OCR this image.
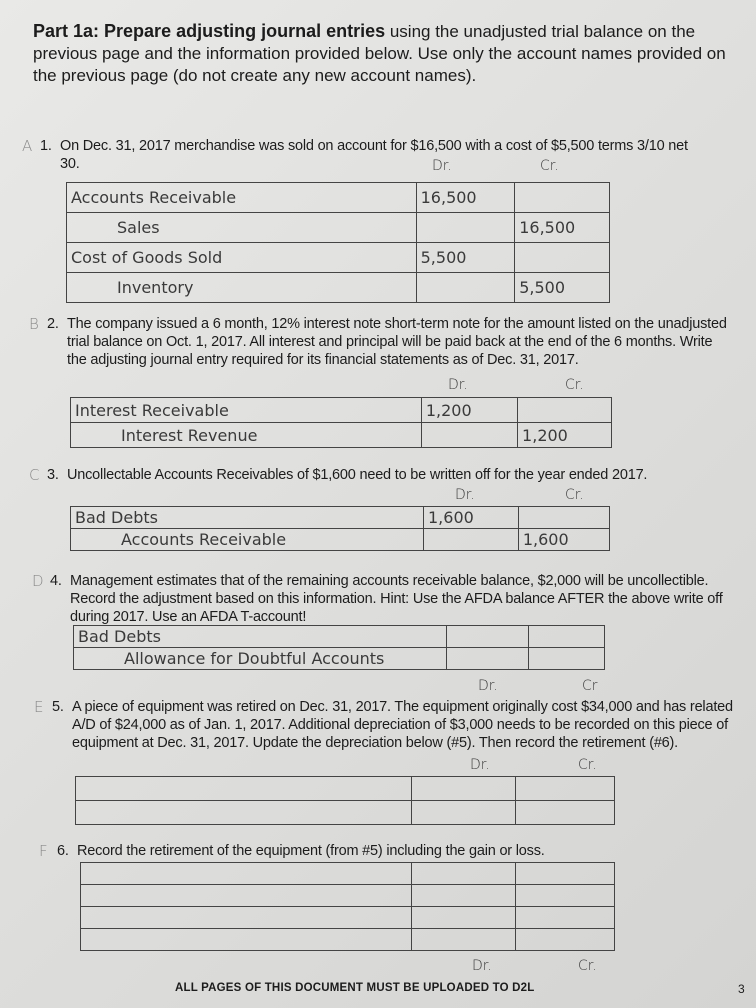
Part 1a: Prepare adjusting journal entries using the unadjusted trial balance on the previous page and the information provided below. Use only the account names provided on the previous page (do not create any new account names).
A 1. On Dec. 31, 2017 merchandise was sold on account for $16,500 with a cost of $5,500 terms 3/10 net 30.	Dr.	Cr.
Accounts Receivable	16,500	
Sales		16,500
Cost of Goods Sold	5,500	
Inventory		5,500
B 2. The company issued a 6 month, 12% interest note short-term note for the amount listed on the unadjusted trial balance on Oct. 1, 2017. All interest and principal will be paid back at the end of the 6 months. Write the adjusting journal entry required for its financial statements as of Dec. 31, 2017.
Dr.	Cr.
Interest Receivable	1,200	
Interest Revenue		1,200
C 3. Uncollectable Accounts Receivables of $1,600 need to be written off for the year ended 2017.
Dr.	Cr.
Bad Debts	1,600	
Accounts Receivable		1,600
D 4. Management estimates that of the remaining accounts receivable balance, $2,000 will be uncollectible. Record the adjustment based on this information. Hint: Use the AFDA balance AFTER the above write off during 2017. Use an AFDA T-account!
Dr.	Cr
Bad Debts		
Allowance for Doubtful Accounts		
E 5. A piece of equipment was retired on Dec. 31, 2017. The equipment originally cost $34,000 and has related A/D of $24,000 as of Jan. 1, 2017. Additional depreciation of $3,000 needs to be recorded on this piece of equipment at Dec. 31, 2017. Update the depreciation below (#5). Then record the retirement (#6).
Dr.	Cr.

F 6. Record the retirement of the equipment (from #5) including the gain or loss.
Dr.	Cr.

ALL PAGES OF THIS DOCUMENT MUST BE UPLOADED TO D2L	3
